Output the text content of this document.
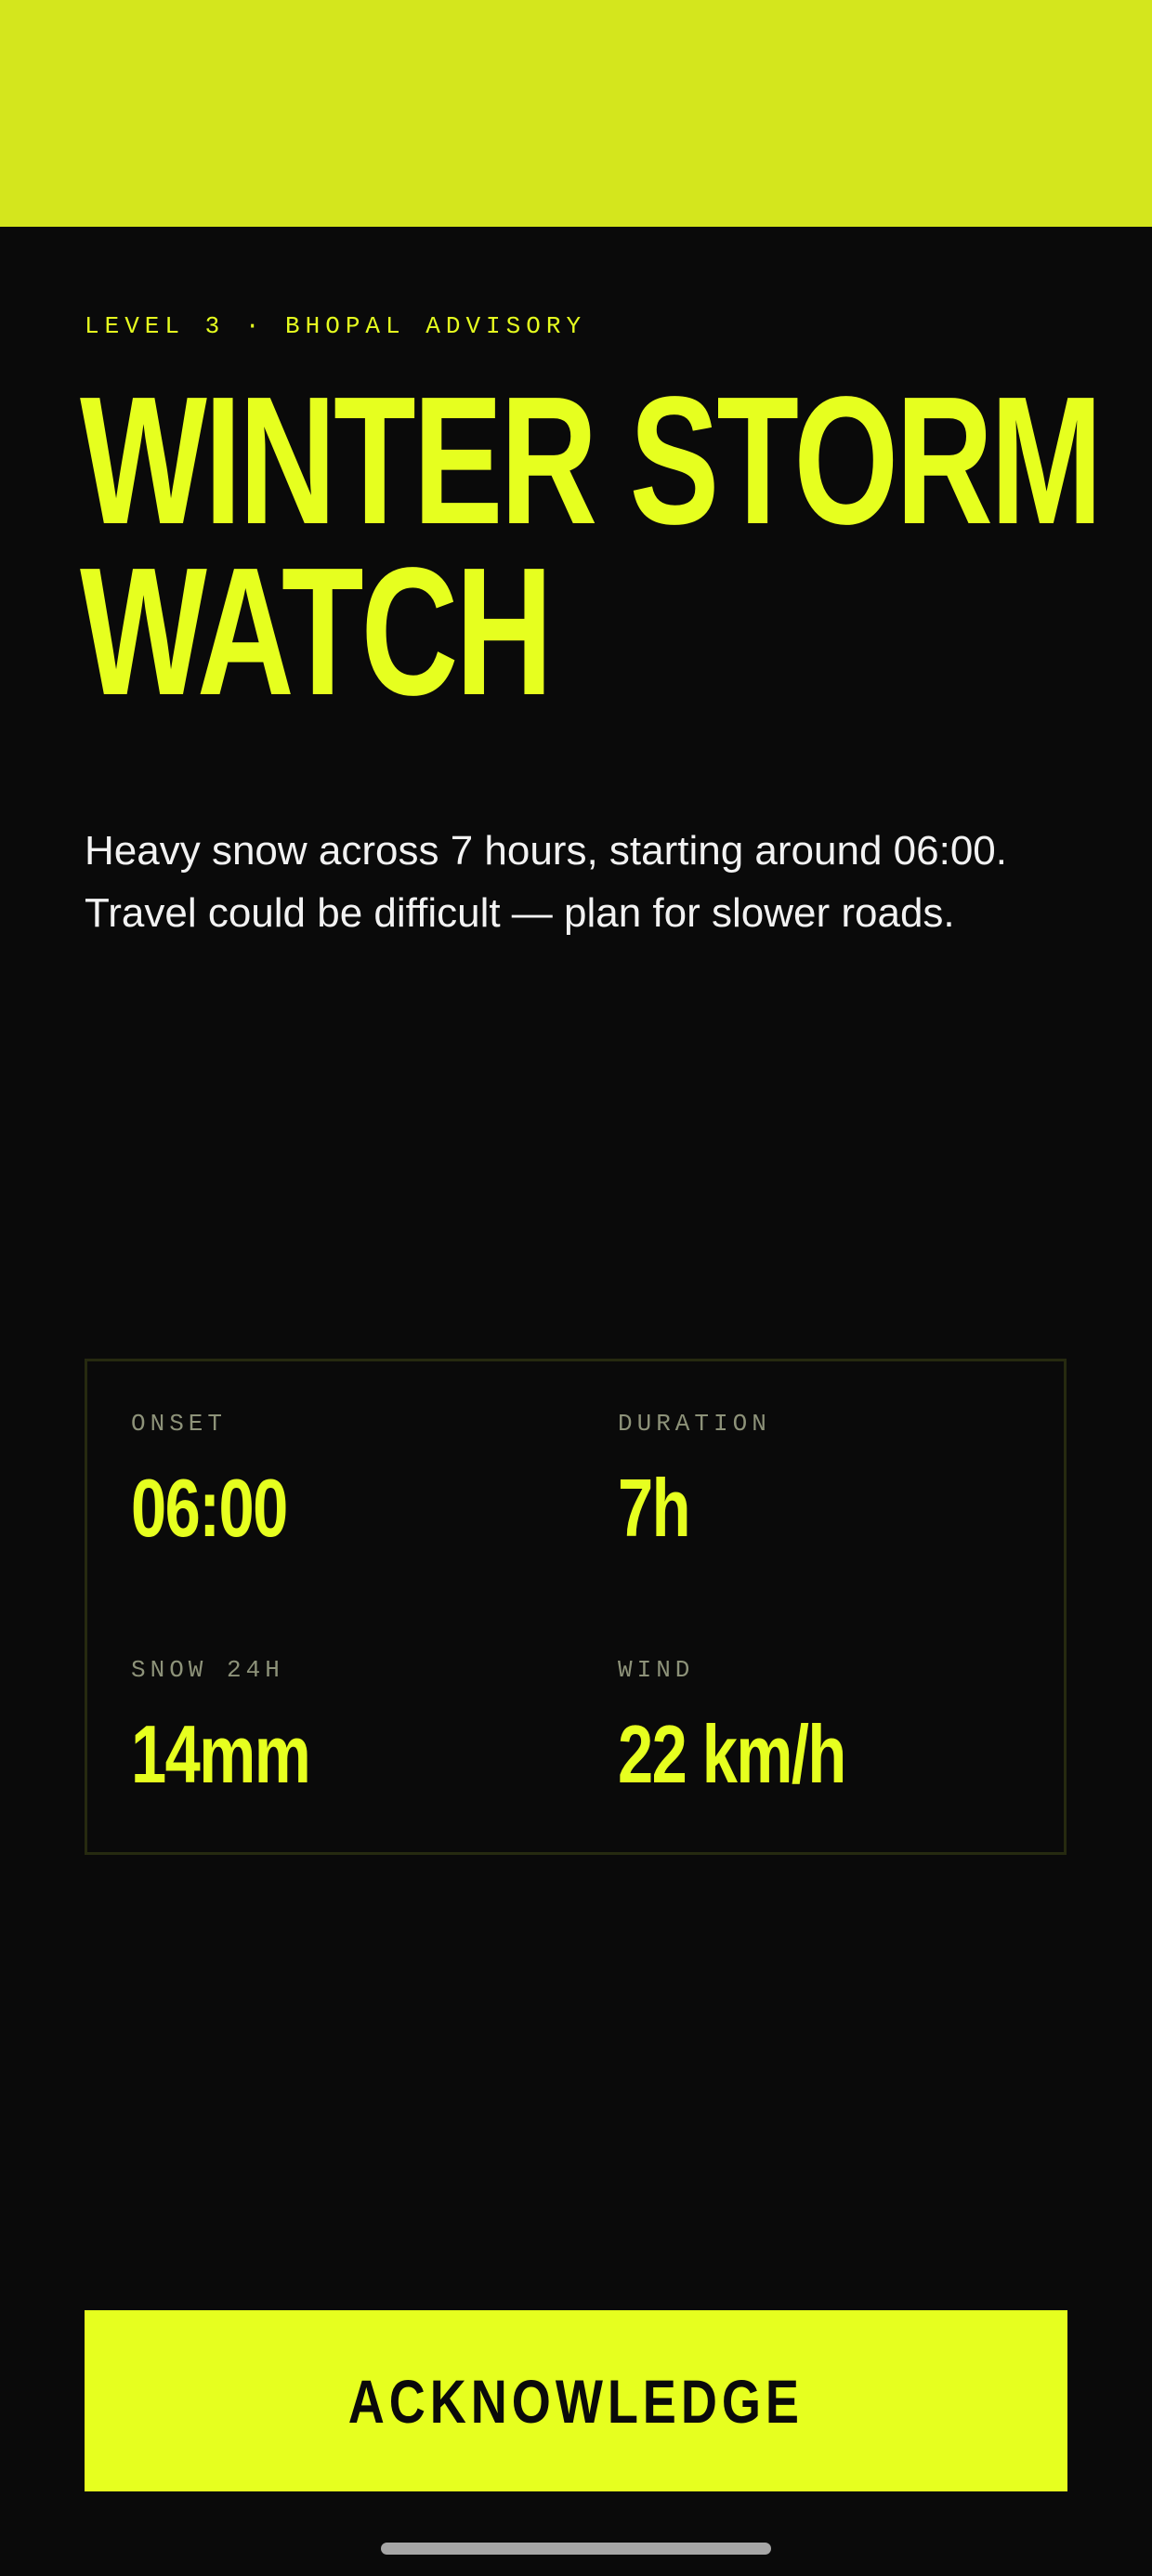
LEVEL 3 · BHOPAL ADVISORY
WINTER STORM
WATCH

Heavy snow across 7 hours, starting around 06:00. Travel could be difficult — plan for slower roads.

ONSET
06:00
DURATION
7h
SNOW 24H
14mm
WIND
22 km/h
ACKNOWLEDGE
